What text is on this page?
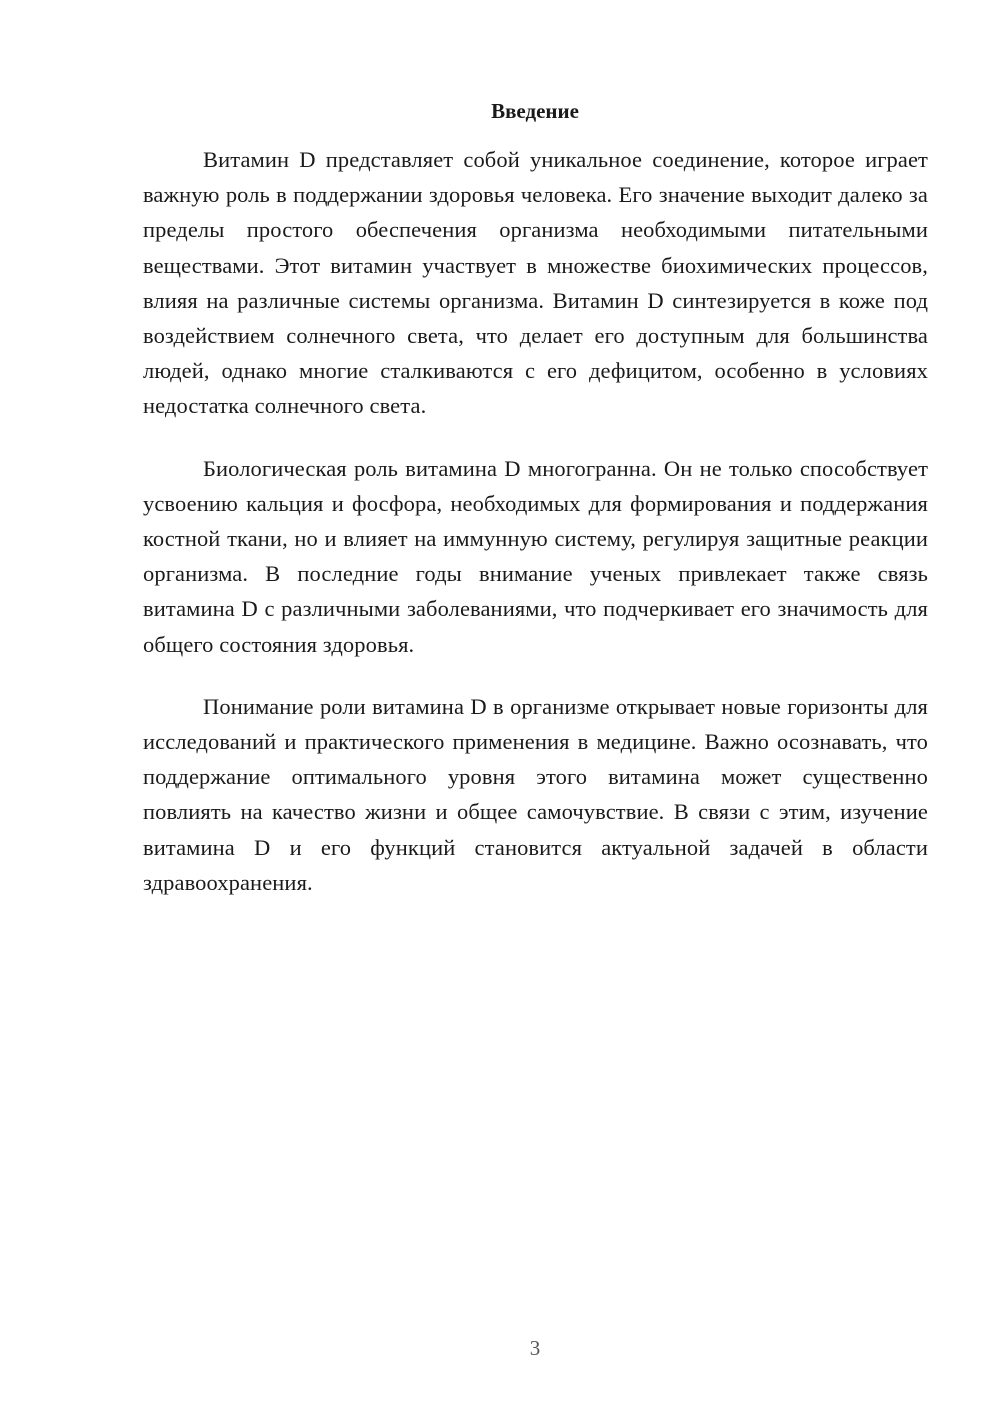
Введение

Витамин D представляет собой уникальное соединение, которое играет важную роль в поддержании здоровья человека. Его значение выходит далеко за пределы простого обеспечения организма необходимыми питательными веществами. Этот витамин участвует в множестве биохимических процессов, влияя на различные системы организма. Витамин D синтезируется в коже под воздействием солнечного света, что делает его доступным для большинства людей, однако многие сталкиваются с его дефицитом, особенно в условиях недостатка солнечного света.

Биологическая роль витамина D многогранна. Он не только способствует усвоению кальция и фосфора, необходимых для формирования и поддержания костной ткани, но и влияет на иммунную систему, регулируя защитные реакции организма. В последние годы внимание ученых привлекает также связь витамина D с различными заболеваниями, что подчеркивает его значимость для общего состояния здоровья.

Понимание роли витамина D в организме открывает новые горизонты для исследований и практического применения в медицине. Важно осознавать, что поддержание оптимального уровня этого витамина может существенно повлиять на качество жизни и общее самочувствие. В связи с этим, изучение витамина D и его функций становится актуальной задачей в области здравоохранения.

3
